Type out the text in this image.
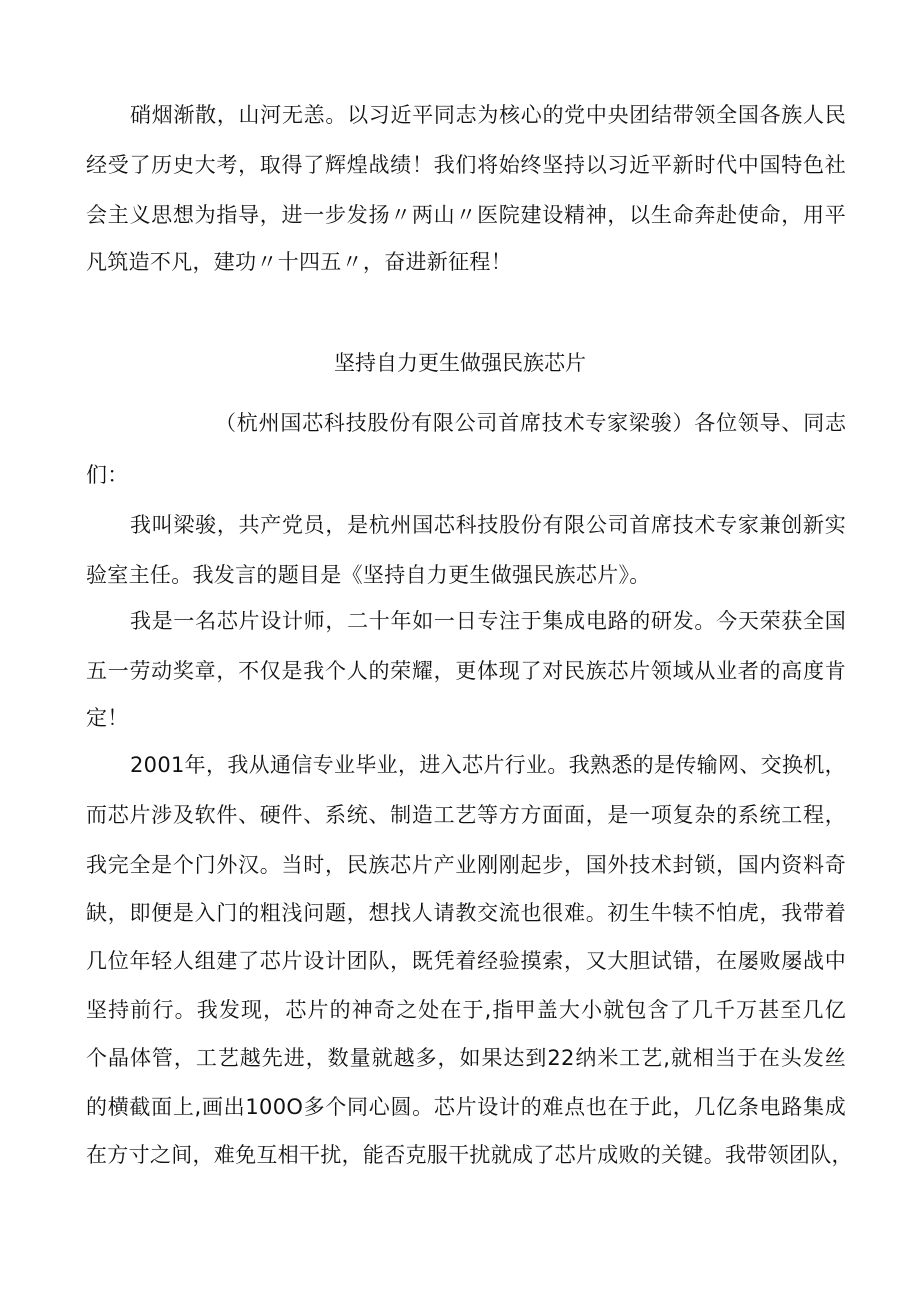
硝烟渐散，山河无恙。以习近平同志为核心的党中央团结带领全国各族人民
经受了历史大考，取得了辉煌战绩！我们将始终坚持以习近平新时代中国特色社
会主义思想为指导，进一步发扬〃两山〃医院建设精神，以生命奔赴使命，用平
凡筑造不凡，建功〃十四五〃，奋进新征程！
坚持自力更生做强民族芯片
（杭州国芯科技股份有限公司首席技术专家梁骏）各位领导、同志
们：
我叫梁骏，共产党员，是杭州国芯科技股份有限公司首席技术专家兼创新实
验室主任。我发言的题目是《坚持自力更生做强民族芯片》。
我是一名芯片设计师，二十年如一日专注于集成电路的研发。今天荣获全国
五一劳动奖章，不仅是我个人的荣耀，更体现了对民族芯片领域从业者的高度肯
定！
2001年，我从通信专业毕业，进入芯片行业。我熟悉的是传输网、交换机，
而芯片涉及软件、硬件、系统、制造工艺等方方面面，是一项复杂的系统工程，
我完全是个门外汉。当时，民族芯片产业刚刚起步，国外技术封锁，国内资料奇
缺，即便是入门的粗浅问题，想找人请教交流也很难。初生牛犊不怕虎，我带着
几位年轻人组建了芯片设计团队，既凭着经验摸索，又大胆试错，在屡败屡战中
坚持前行。我发现，芯片的神奇之处在于,指甲盖大小就包含了几千万甚至几亿
个晶体管，工艺越先进，数量就越多，如果达到22纳米工艺,就相当于在头发丝
的横截面上,画出100O多个同心圆。芯片设计的难点也在于此，几亿条电路集成
在方寸之间，难免互相干扰，能否克服干扰就成了芯片成败的关键。我带领团队，
